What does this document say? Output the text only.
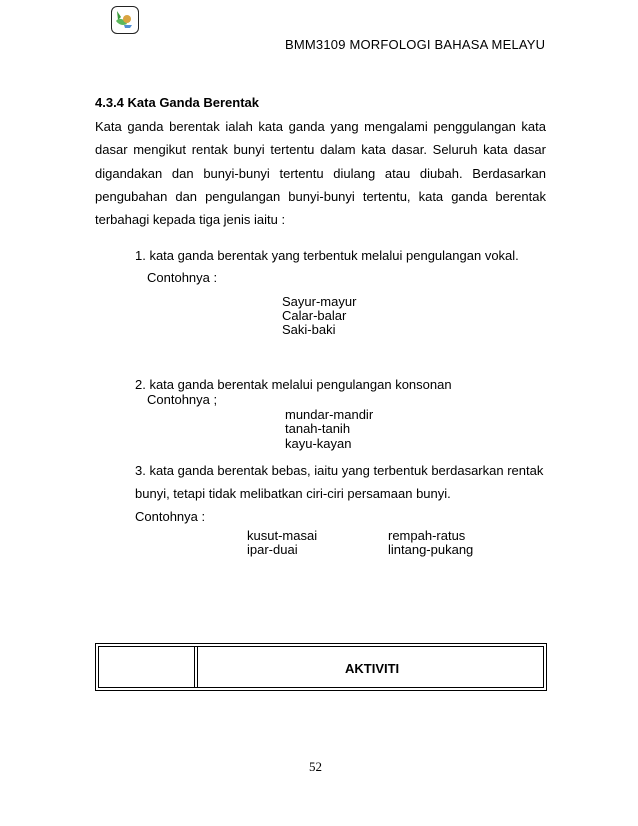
BMM3109 MORFOLOGI BAHASA MELAYU
4.3.4 Kata Ganda Berentak
Kata ganda berentak ialah kata ganda yang mengalami penggulangan kata
dasar mengikut rentak bunyi tertentu dalam kata dasar. Seluruh kata dasar
digandakan dan bunyi-bunyi tertentu diulang atau diubah. Berdasarkan
pengubahan dan pengulangan bunyi-bunyi tertentu, kata ganda berentak
terbahagi kepada tiga jenis iaitu :
1. kata ganda berentak yang terbentuk melalui pengulangan vokal.
Contohnya :
Sayur-mayur
Calar-balar
Saki-baki
2. kata ganda berentak melalui pengulangan konsonan
Contohnya ;
mundar-mandir
tanah-tanih
kayu-kayan
3. kata ganda berentak bebas, iaitu yang terbentuk berdasarkan rentak
bunyi, tetapi tidak melibatkan ciri-ciri persamaan bunyi.
Contohnya :
kusut-masai
ipar-duai
rempah-ratus
lintang-pukang
AKTIVITI
52
